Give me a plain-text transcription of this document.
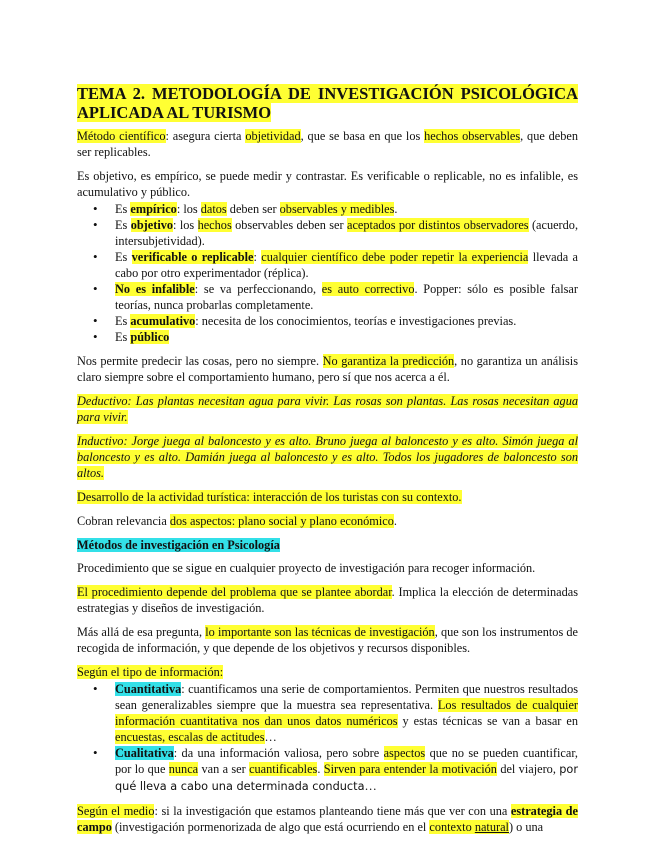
TEMA 2. METODOLOGÍA DE INVESTIGACIÓN PSICOLÓGICA APLICADA AL TURISMO

Método científico: asegura cierta objetividad, que se basa en que los hechos observables, que deben ser replicables.

Es objetivo, es empírico, se puede medir y contrastar. Es verificable o replicable, no es infalible, es acumulativo y público.

• Es empírico: los datos deben ser observables y medibles.
• Es objetivo: los hechos observables deben ser aceptados por distintos observadores (acuerdo, intersubjetividad).
• Es verificable o replicable: cualquier científico debe poder repetir la experiencia llevada a cabo por otro experimentador (réplica).
• No es infalible: se va perfeccionando, es auto correctivo. Popper: sólo es posible falsar teorías, nunca probarlas completamente.
• Es acumulativo: necesita de los conocimientos, teorías e investigaciones previas.
• Es público

Nos permite predecir las cosas, pero no siempre. No garantiza la predicción, no garantiza un análisis claro siempre sobre el comportamiento humano, pero sí que nos acerca a él.

Deductivo: Las plantas necesitan agua para vivir. Las rosas son plantas. Las rosas necesitan agua para vivir.

Inductivo: Jorge juega al baloncesto y es alto. Bruno juega al baloncesto y es alto. Simón juega al baloncesto y es alto. Damián juega al baloncesto y es alto. Todos los jugadores de baloncesto son altos.

Desarrollo de la actividad turística: interacción de los turistas con su contexto.

Cobran relevancia dos aspectos: plano social y plano económico.

Métodos de investigación en Psicología

Procedimiento que se sigue en cualquier proyecto de investigación para recoger información.

El procedimiento depende del problema que se plantee abordar. Implica la elección de determinadas estrategias y diseños de investigación.

Más allá de esa pregunta, lo importante son las técnicas de investigación, que son los instrumentos de recogida de información, y que depende de los objetivos y recursos disponibles.

Según el tipo de información:

• Cuantitativa: cuantificamos una serie de comportamientos. Permiten que nuestros resultados sean generalizables siempre que la muestra sea representativa. Los resultados de cualquier información cuantitativa nos dan unos datos numéricos y estas técnicas se van a basar en encuestas, escalas de actitudes…
• Cualitativa: da una información valiosa, pero sobre aspectos que no se pueden cuantificar, por lo que nunca van a ser cuantificables. Sirven para entender la motivación del viajero, por qué lleva a cabo una determinada conducta…

Según el medio: si la investigación que estamos planteando tiene más que ver con una estrategia de campo (investigación pormenorizada de algo que está ocurriendo en el contexto natural) o una
